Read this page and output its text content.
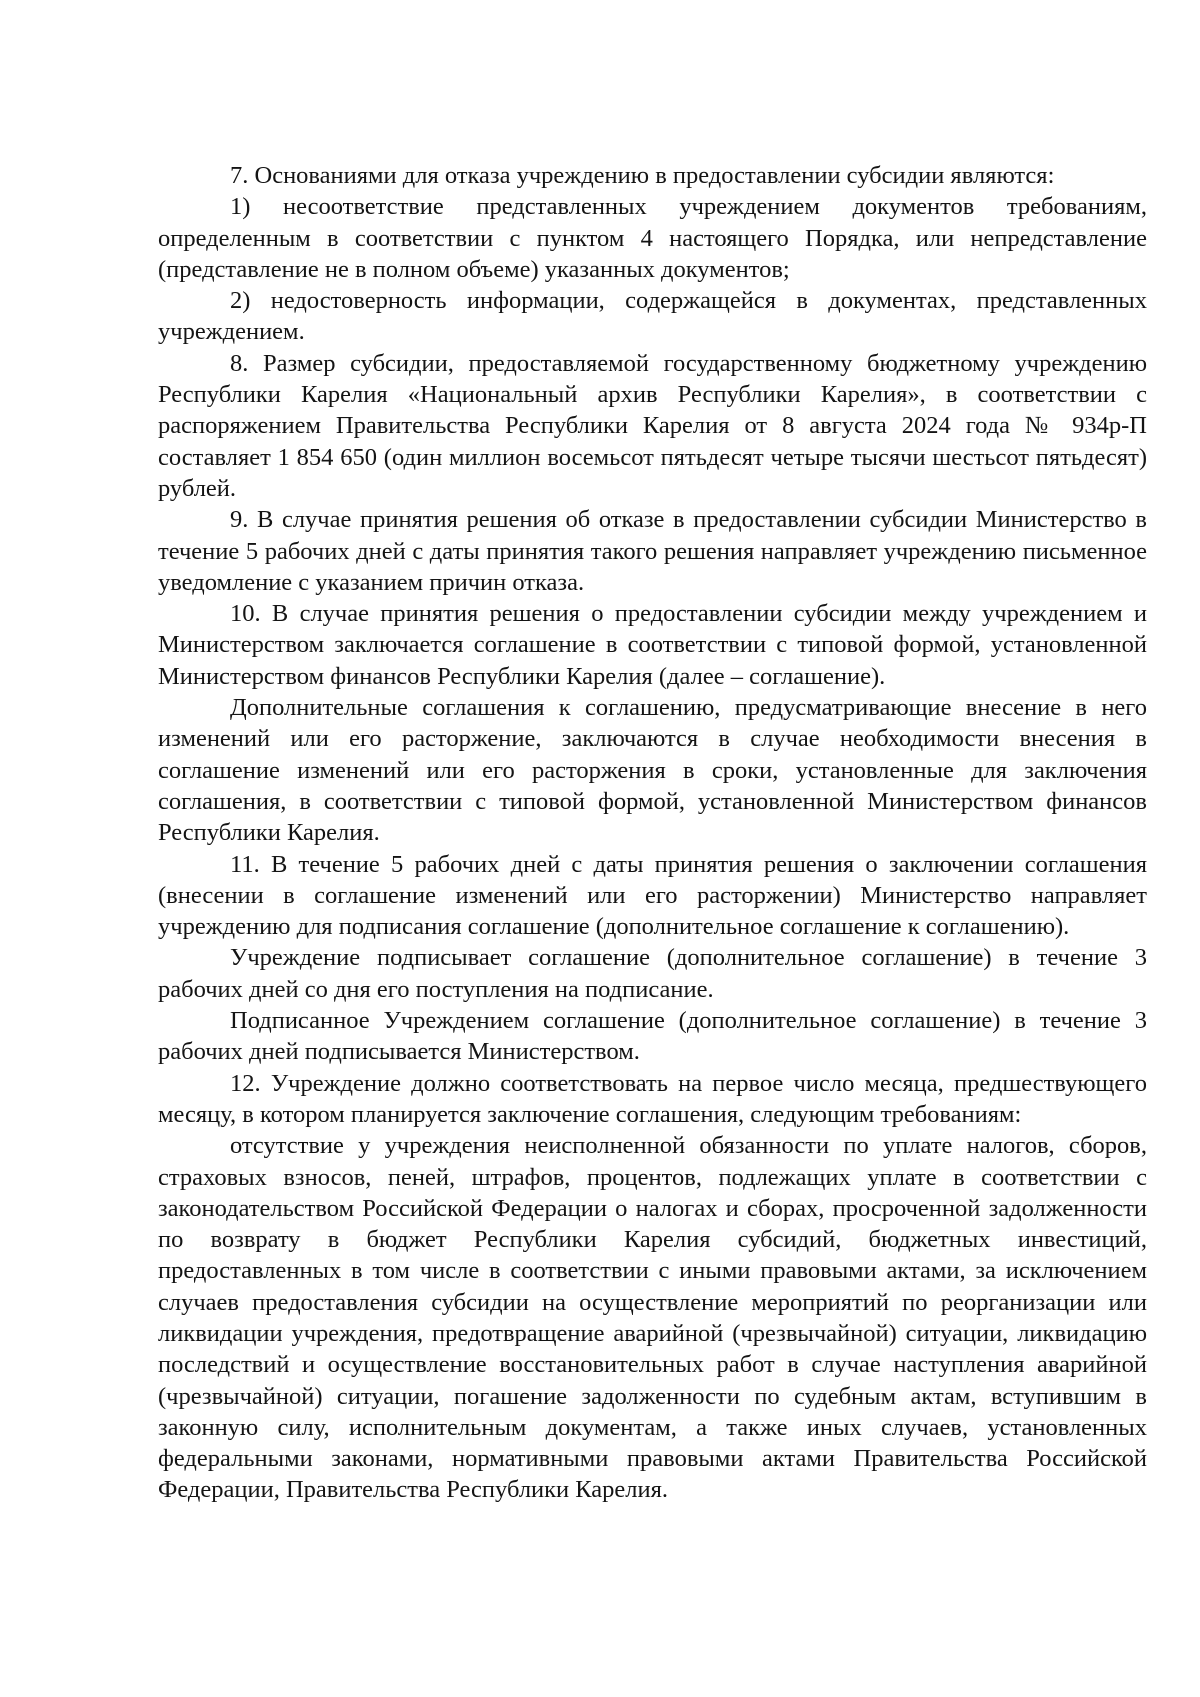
7. Основаниями для отказа учреждению в предоставлении субсидии являются:

1) несоответствие представленных учреждением документов требованиям, определенным в соответствии с пунктом 4 настоящего Порядка, или непредставление (представление не в полном объеме) указанных документов;

2) недостоверность информации, содержащейся в документах, представленных учреждением.

8. Размер субсидии, предоставляемой государственному бюджетному учреждению Республики Карелия «Национальный архив Республики Карелия», в соответствии с распоряжением Правительства Республики Карелия от 8 августа 2024 года № 934р-П составляет 1 854 650 (один миллион восемьсот пятьдесят четыре тысячи шестьсот пятьдесят) рублей.

9. В случае принятия решения об отказе в предоставлении субсидии Министерство в течение 5 рабочих дней с даты принятия такого решения направляет учреждению письменное уведомление с указанием причин отказа.

10. В случае принятия решения о предоставлении субсидии между учреждением и Министерством заключается соглашение в соответствии с типовой формой, установленной Министерством финансов Республики Карелия (далее – соглашение).

Дополнительные соглашения к соглашению, предусматривающие внесение в него изменений или его расторжение, заключаются в случае необходимости внесения в соглашение изменений или его расторжения в сроки, установленные для заключения соглашения, в соответствии с типовой формой, установленной Министерством финансов Республики Карелия.

11. В течение 5 рабочих дней с даты принятия решения о заключении соглашения (внесении в соглашение изменений или его расторжении) Министерство направляет учреждению для подписания соглашение (дополнительное соглашение к соглашению).

Учреждение подписывает соглашение (дополнительное соглашение) в течение 3 рабочих дней со дня его поступления на подписание.

Подписанное Учреждением соглашение (дополнительное соглашение) в течение 3 рабочих дней подписывается Министерством.

12. Учреждение должно соответствовать на первое число месяца, предшествующего месяцу, в котором планируется заключение соглашения, следующим требованиям:

отсутствие у учреждения неисполненной обязанности по уплате налогов, сборов, страховых взносов, пеней, штрафов, процентов, подлежащих уплате в соответствии с законодательством Российской Федерации о налогах и сборах, просроченной задолженности по возврату в бюджет Республики Карелия субсидий, бюджетных инвестиций, предоставленных в том числе в соответствии с иными правовыми актами, за исключением случаев предоставления субсидии на осуществление мероприятий по реорганизации или ликвидации учреждения, предотвращение аварийной (чрезвычайной) ситуации, ликвидацию последствий и осуществление восстановительных работ в случае наступления аварийной (чрезвычайной) ситуации, погашение задолженности по судебным актам, вступившим в законную силу, исполнительным документам, а также иных случаев, установленных федеральными законами, нормативными правовыми актами Правительства Российской Федерации, Правительства Республики Карелия.
